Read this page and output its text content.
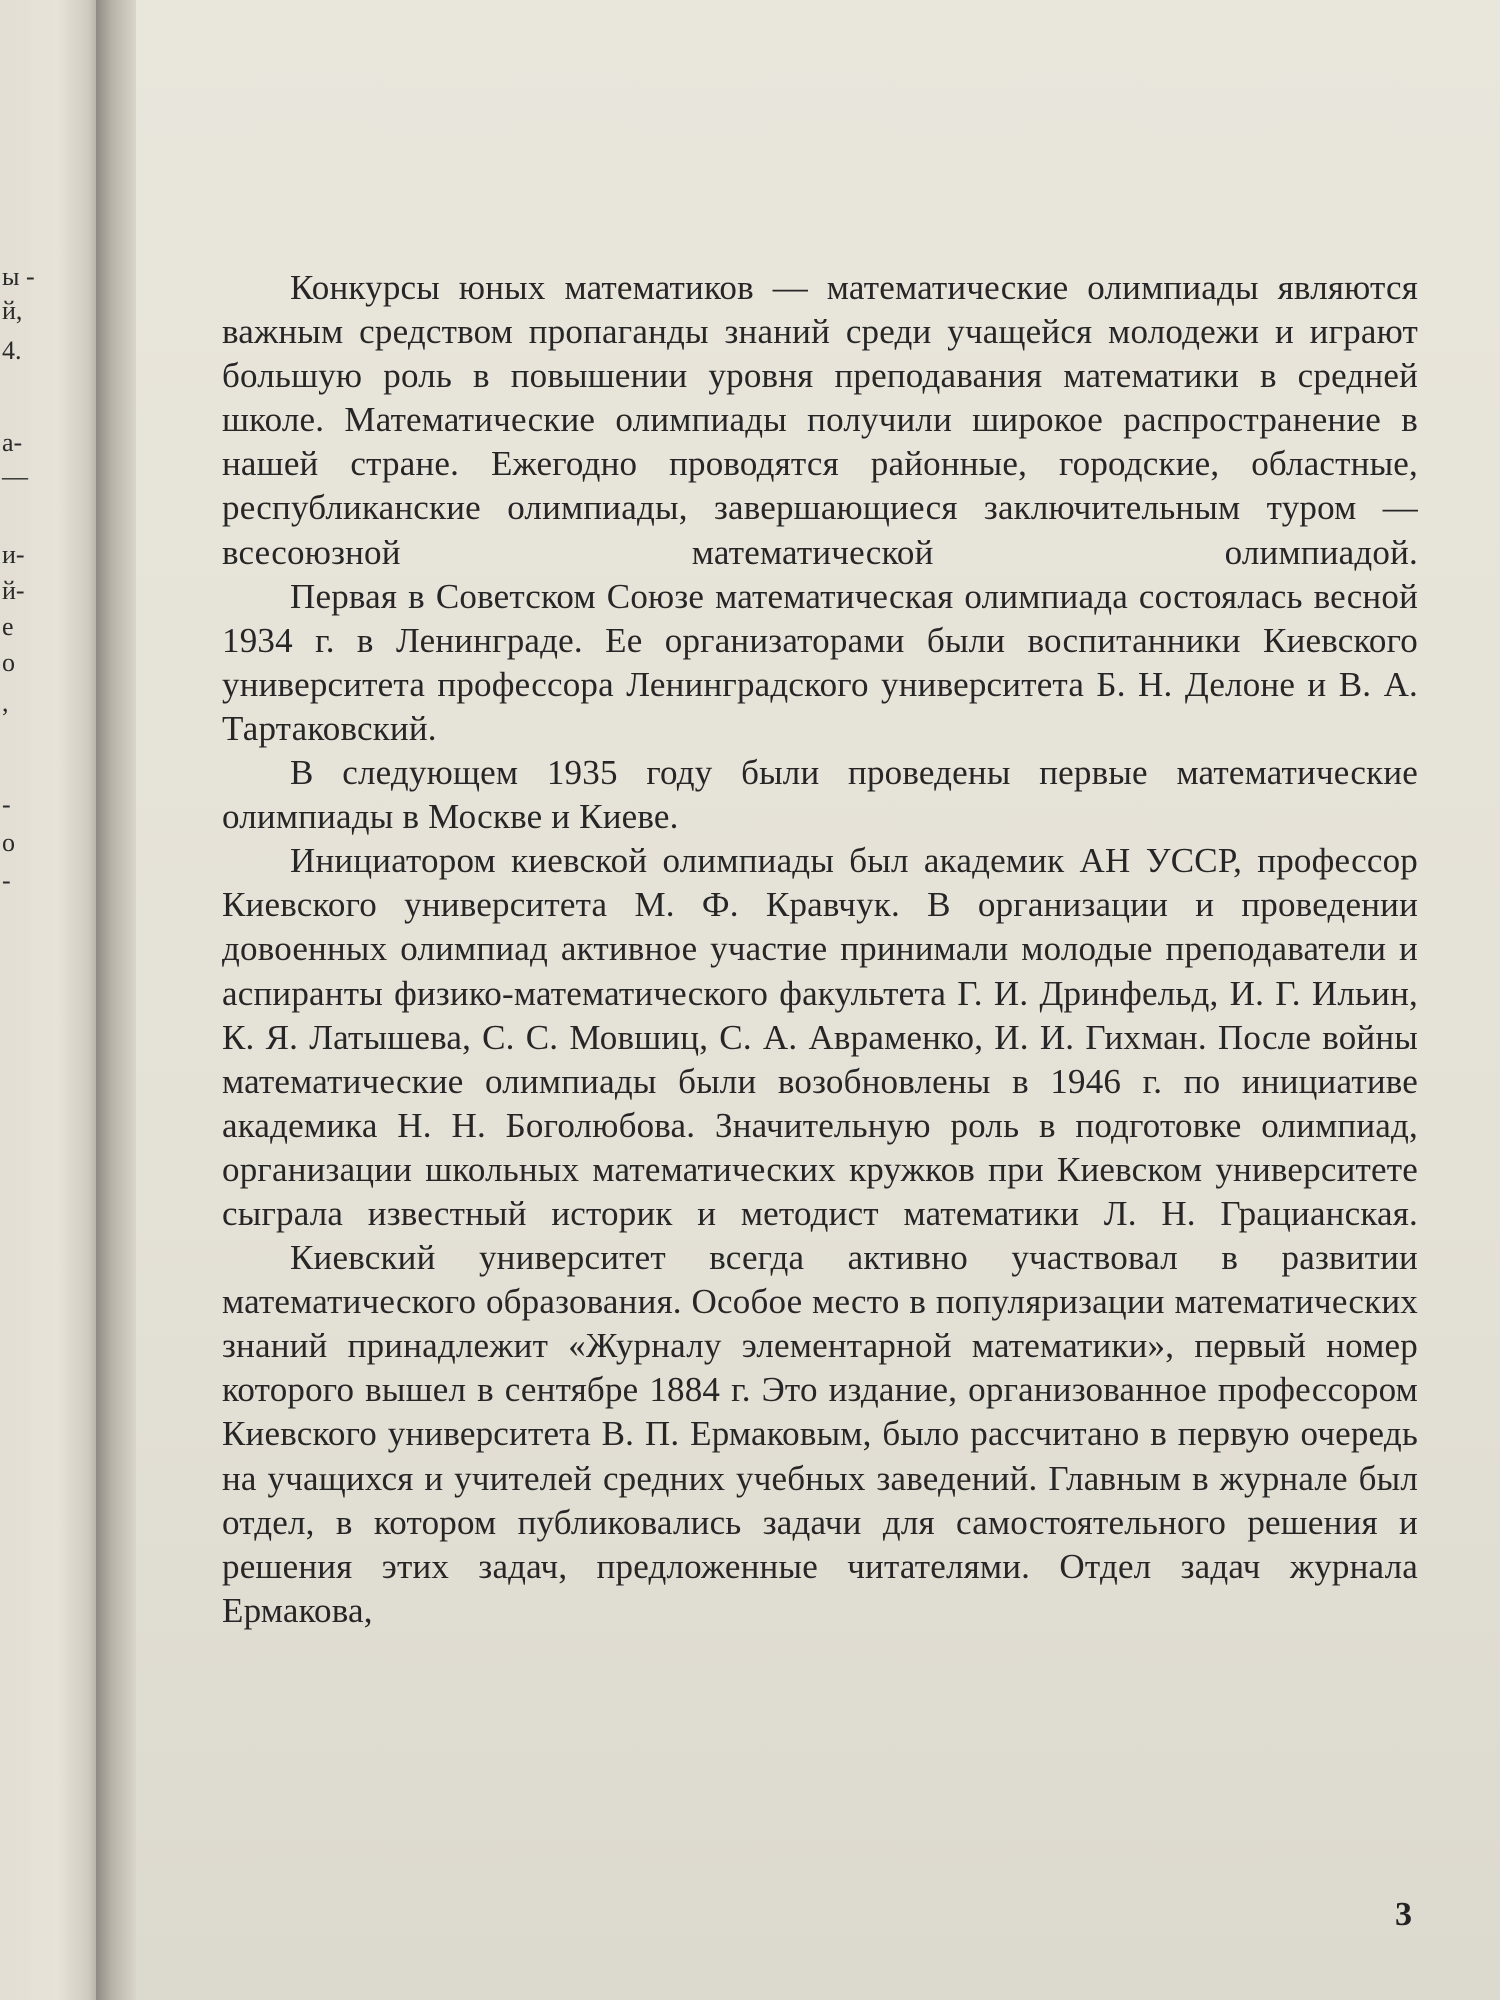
ы -
й,
4.
а-
—
и-
й-
е
о
,
-
о
-

Конкурсы юных математиков — математические олимпиады являются важным средством пропаганды знаний среди учащейся молодежи и играют большую роль в повышении уровня преподавания математики в средней школе. Математические олимпиады получили широкое распространение в нашей стране. Ежегодно проводятся районные, городские, областные, республиканские олимпиады, завершающиеся заключительным туром — всесоюзной математической олимпиадой.

Первая в Советском Союзе математическая олимпиада состоялась весной 1934 г. в Ленинграде. Ее организаторами были воспитанники Киевского университета профессора Ленинградского университета Б. Н. Делоне и В. А. Тартаковский.

В следующем 1935 году были проведены первые математические олимпиады в Москве и Киеве.

Инициатором киевской олимпиады был академик АН УССР, профессор Киевского университета М. Ф. Кравчук. В организации и проведении довоенных олимпиад активное участие принимали молодые преподаватели и аспиранты физико-математического факультета Г. И. Дринфельд, И. Г. Ильин, К. Я. Латышева, С. С. Мовшиц, С. А. Авраменко, И. И. Гихман. После войны математические олимпиады были возобновлены в 1946 г. по инициативе академика Н. Н. Боголюбова. Значительную роль в подготовке олимпиад, организации школьных математических кружков при Киевском университете сыграла известный историк и методист математики Л. Н. Грацианская.

Киевский университет всегда активно участвовал в развитии математического образования. Особое место в популяризации математических знаний принадлежит «Журналу элементарной математики», первый номер которого вышел в сентябре 1884 г. Это издание, организованное профессором Киевского университета В. П. Ермаковым, было рассчитано в первую очередь на учащихся и учителей средних учебных заведений. Главным в журнале был отдел, в котором публиковались задачи для самостоятельного решения и решения этих задач, предложенные читателями. Отдел задач журнала Ермакова,

3
